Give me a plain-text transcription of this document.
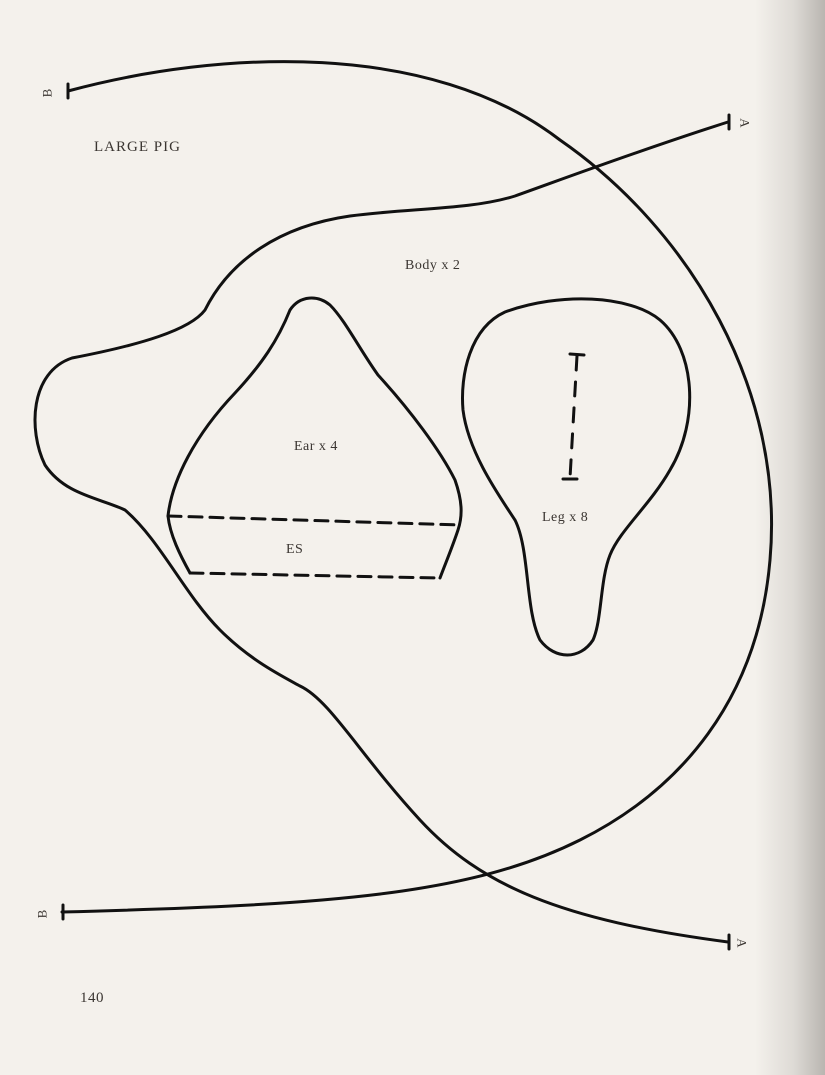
LARGE PIG
Body x 2
Ear x 4
ES
Leg x 8
A
A
B
B
140
